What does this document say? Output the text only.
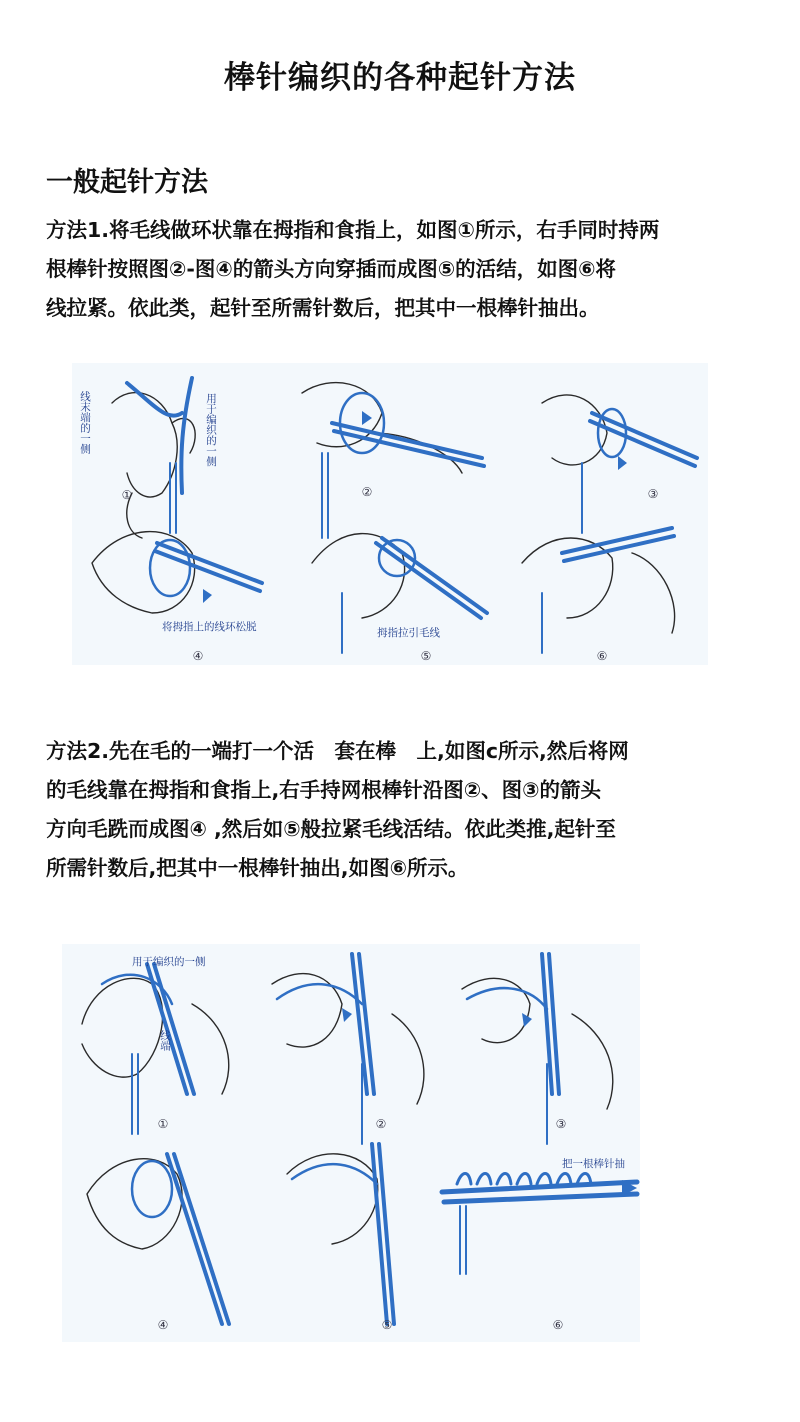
棒针编织的各种起针方法
一般起针方法
方法1.将毛线做环状靠在拇指和食指上，如图①所示，右手同时持两
根棒针按照图②-图④的箭头方向穿插而成图⑤的活结，如图⑥将
线拉紧。依此类，起针至所需针数后，把其中一根棒针抽出。
线末端的一侧	用于编织的一侧
将拇指上的线环松脱	拇指拉引毛线
①	②	③
④	⑤	⑥
方法2.先在毛的一端打一个活　套在棒　上,如图c所示,然后将网
的毛线靠在拇指和食指上,右手持网根棒针沿图②、图③的箭头
方向毛跣而成图④ ,然后如⑤般拉紧毛线活结。依此类推,起针至
所需针数后,把其中一根棒针抽出,如图⑥所示。
用于编织的一侧
线端
把一根棒针抽
①	②	③
④	⑤	⑥
